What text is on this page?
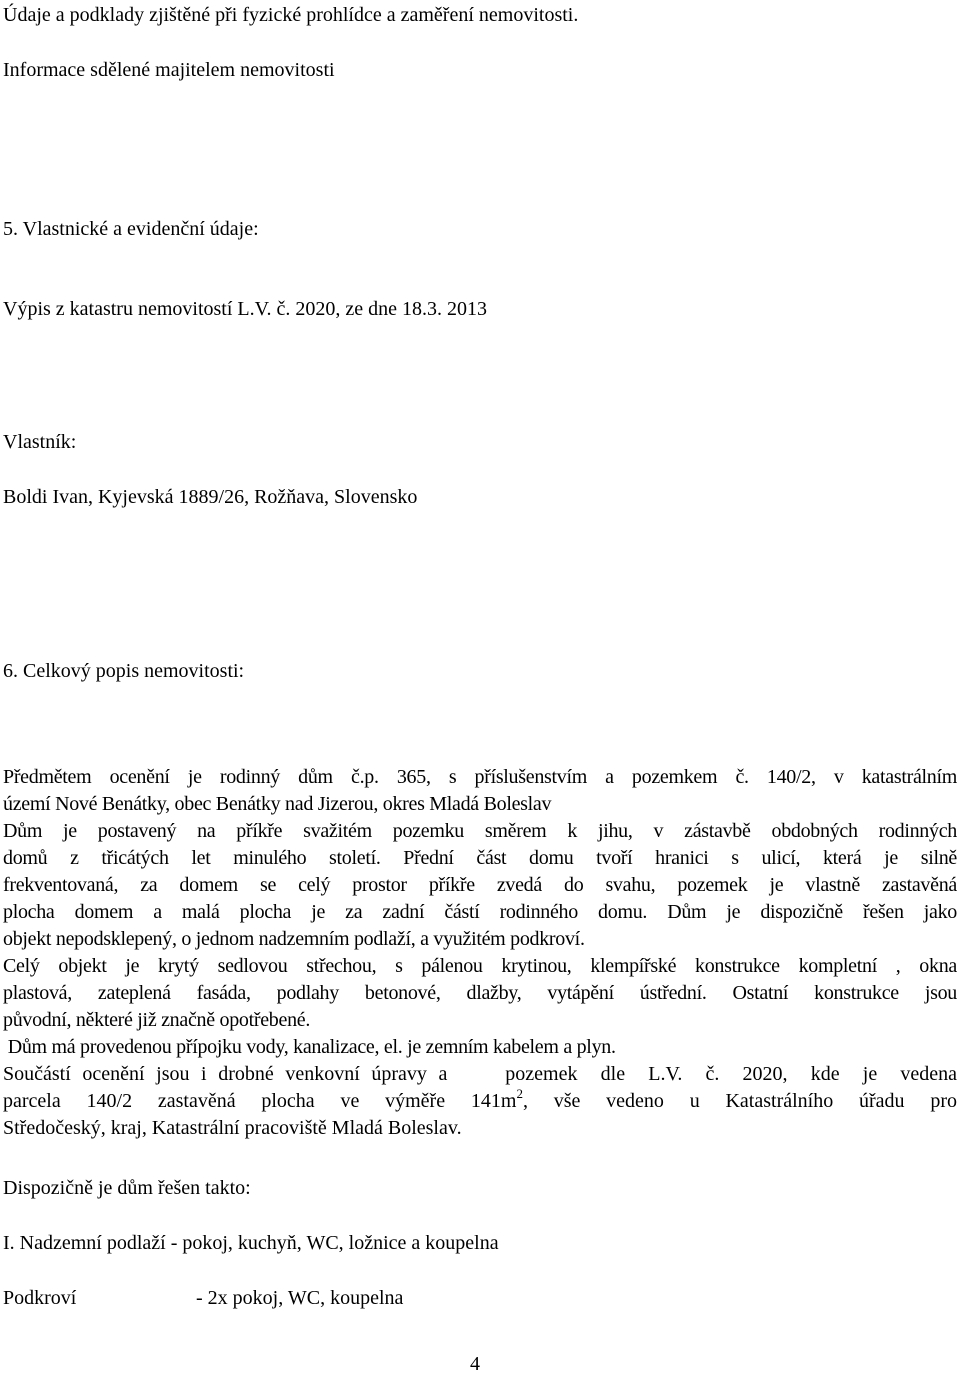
Údaje a podklady zjištěné při fyzické prohlídce a zaměření nemovitosti.

Informace sdělené majitelem nemovitosti

5. Vlastnické a evidenční údaje:

Výpis z katastru nemovitostí L.V. č. 2020, ze dne 18.3. 2013

Vlastník:

Boldi Ivan, Kyjevská 1889/26, Rožňava, Slovensko

6. Celkový popis nemovitosti:

Předmětem ocenění je rodinný dům č.p. 365, s příslušenstvím a pozemkem č. 140/2, v katastrálním
území Nové Benátky, obec Benátky nad Jizerou, okres Mladá Boleslav
Dům je postavený na příkře svažitém pozemku směrem k jihu, v zástavbě obdobných rodinných
domů z třicátých let minulého století. Přední část domu tvoří hranici s ulicí, která je silně
frekventovaná, za domem se celý prostor příkře zvedá do svahu, pozemek je vlastně zastavěná
plocha domem a malá plocha je za zadní částí rodinného domu. Dům je dispozičně řešen jako
objekt nepodsklepený, o jednom nadzemním podlaží, a využitém podkroví.
Celý objekt je krytý sedlovou střechou, s pálenou krytinou, klempířské konstrukce kompletní , okna
plastová, zateplená fasáda, podlahy betonové, dlažby, vytápění ústřední. Ostatní konstrukce jsou
původní, některé již značně opotřebené.
Dům má provedenou přípojku vody, kanalizace, el. je zemním kabelem a plyn.
Součástí ocenění jsou i drobné venkovní úpravy a     pozemek  dle  L.V.  č.  2020,  kde  je  vedena
parcela  140/2  zastavěná  plocha  ve  výměře  $141m^2$,  vše  vedeno  u  Katastrálního  úřadu  pro
Středočeský, kraj, Katastrální pracoviště Mladá Boleslav.

Dispozičně je dům řešen takto:

I. Nadzemní podlaží - pokoj, kuchyň, WC, ložnice a koupelna

Podkroví	- 2x pokoj, WC, koupelna

4
